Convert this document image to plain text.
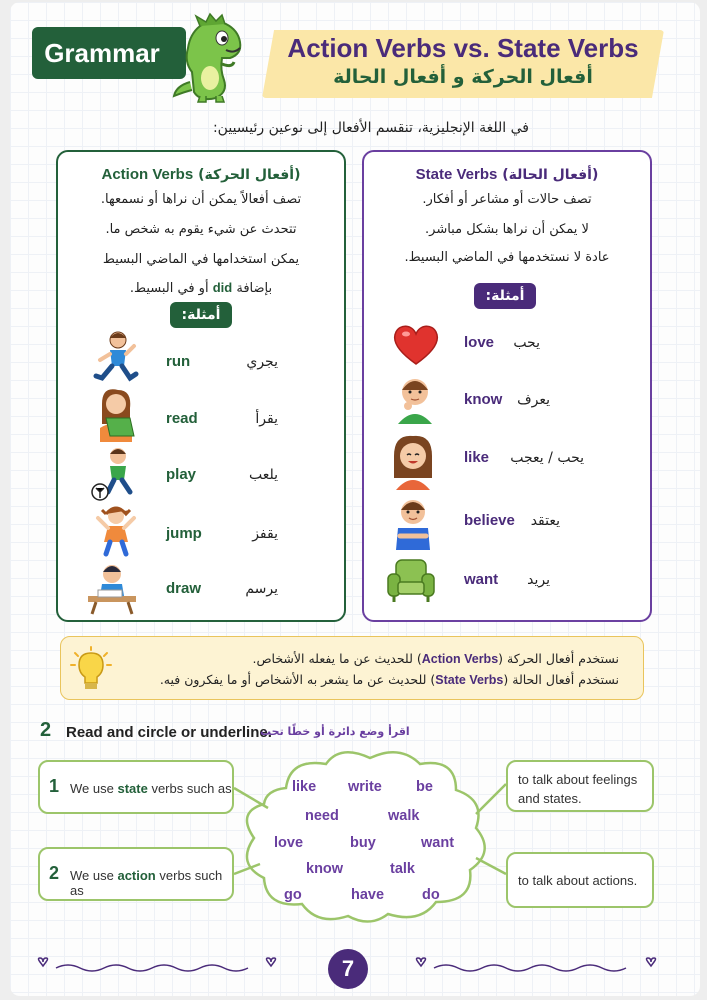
Grammar	Action Verbs vs. State Verbs
أفعال الحركة و أفعال الحالة
في اللغة الإنجليزية، تنقسم الأفعال إلى نوعين رئيسيين:
Action Verbs (أفعال الحركة)
تصف أفعالاً يمكن أن نراها أو نسمعها.
تتحدث عن شيء يقوم به شخص ما.
يمكن استخدامها في الماضي البسيط
بإضافة did أو في البسيط.
أمثلة:
run	يجري
read	يقرأ
play	يلعب
jump	يقفز
draw	يرسم
State Verbs (أفعال الحالة)
تصف حالات أو مشاعر أو أفكار.
لا يمكن أن نراها بشكل مباشر.
عادة لا نستخدمها في الماضي البسيط.
أمثلة:
love	يحب
know	يعرف
like	يحب / يعجب
believe	يعتقد
want	يريد
نستخدم أفعال الحركة (Action Verbs) للحديث عن ما يفعله الأشخاص.
نستخدم أفعال الحالة (State Verbs) للحديث عن ما يشعر به الأشخاص أو ما يفكرون فيه.
2 Read and circle or underline.
اقرأ وضع دائرة أو خطًا تحت
1 We use state verbs such as
2 We use action verbs such as
to talk about feelings and states.
to talk about actions.
like write be
need	walk
love	buy	want
know	talk
go	have	do
7
